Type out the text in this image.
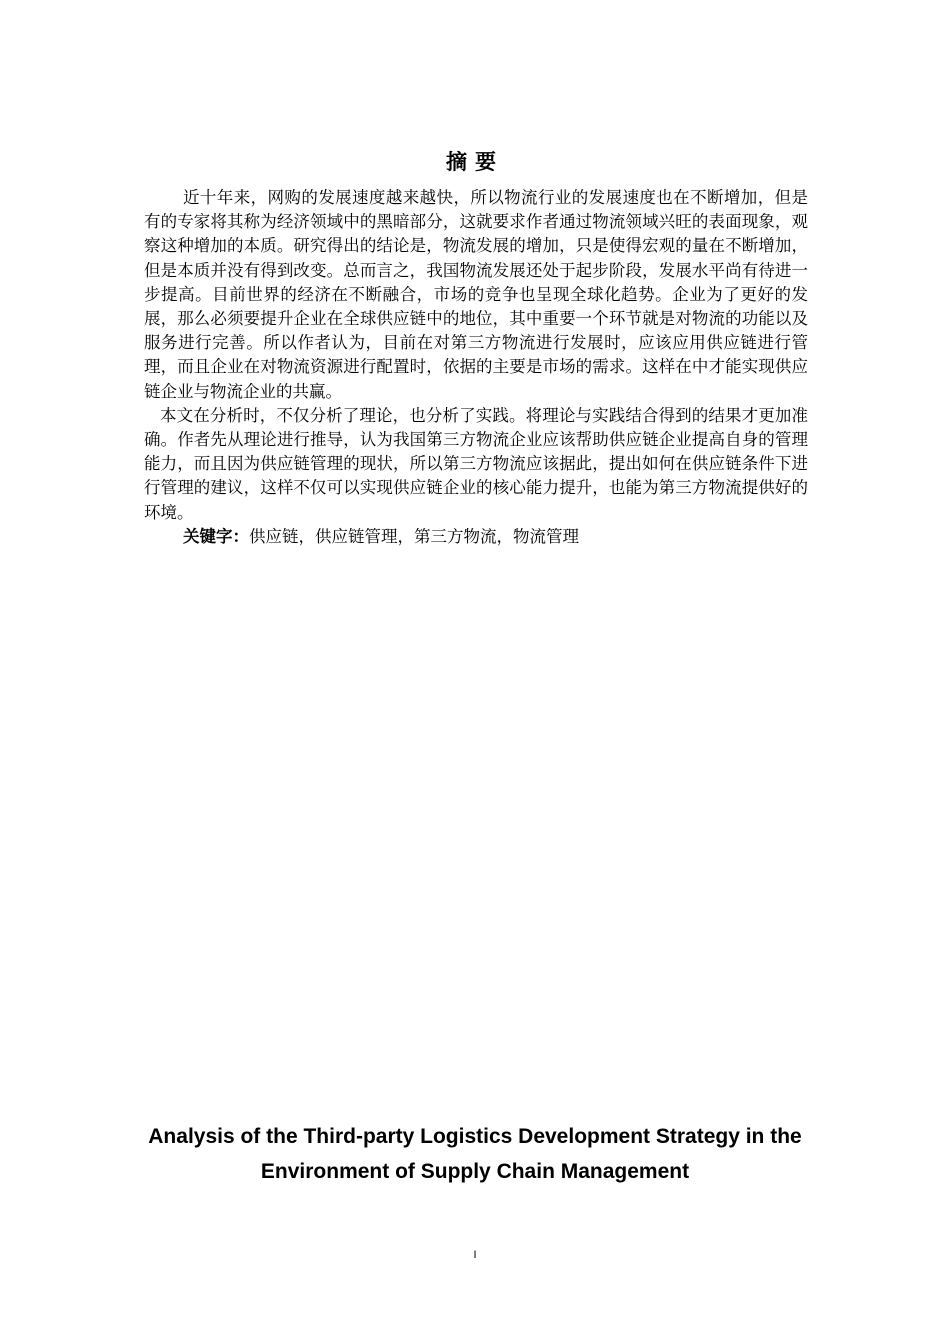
摘要

近十年来，网购的发展速度越来越快，所以物流行业的发展速度也在不断增加，但是有的专家将其称为经济领域中的黑暗部分，这就要求作者通过物流领域兴旺的表面现象，观察这种增加的本质。研究得出的结论是，物流发展的增加，只是使得宏观的量在不断增加，但是本质并没有得到改变。总而言之，我国物流发展还处于起步阶段，发展水平尚有待进一步提高。目前世界的经济在不断融合，市场的竞争也呈现全球化趋势。企业为了更好的发展，那么必须要提升企业在全球供应链中的地位，其中重要一个环节就是对物流的功能以及服务进行完善。所以作者认为，目前在对第三方物流进行发展时，应该应用供应链进行管理，而且企业在对物流资源进行配置时，依据的主要是市场的需求。这样在中才能实现供应链企业与物流企业的共赢。

本文在分析时，不仅分析了理论，也分析了实践。将理论与实践结合得到的结果才更加准确。作者先从理论进行推导，认为我国第三方物流企业应该帮助供应链企业提高自身的管理能力，而且因为供应链管理的现状，所以第三方物流应该据此，提出如何在供应链条件下进行管理的建议，这样不仅可以实现供应链企业的核心能力提升，也能为第三方物流提供好的环境。

关键字：供应链，供应链管理，第三方物流，物流管理

Analysis of the Third-party Logistics Development Strategy in the
Environment of Supply Chain Management
I
